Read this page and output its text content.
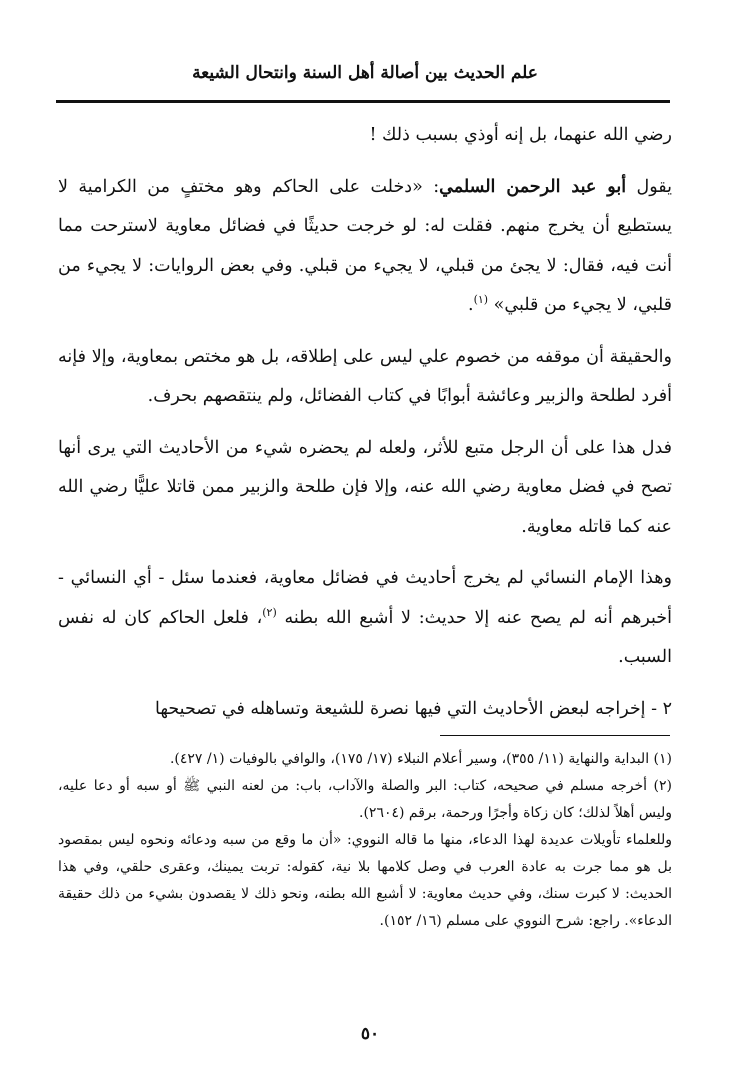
علم الحديث بين أصالة أهل السنة وانتحال الشيعة

رضي الله عنهما، بل إنه أوذي بسبب ذلك !

يقول أبو عبد الرحمن السلمي: «دخلت على الحاكم وهو مختفٍ من الكرامية لا يستطيع أن يخرج منهم. فقلت له: لو خرجت حديثًا في فضائل معاوية لاسترحت مما أنت فيه، فقال: لا يجئ من قبلي، لا يجيء من قبلي. وفي بعض الروايات: لا يجيء من قلبي، لا يجيء من قلبي» $^{(١)}$.

والحقيقة أن موقفه من خصوم علي ليس على إطلاقه، بل هو مختص بمعاوية، وإلا فإنه أفرد لطلحة والزبير وعائشة أبوابًا في كتاب الفضائل، ولم ينتقصهم بحرف.

فدل هذا على أن الرجل متبع للأثر، ولعله لم يحضره شيء من الأحاديث التي يرى أنها تصح في فضل معاوية رضي الله عنه، وإلا فإن طلحة والزبير ممن قاتلا عليًّا رضي الله عنه كما قاتله معاوية.

وهذا الإمام النسائي لم يخرج أحاديث في فضائل معاوية، فعندما سئل - أي النسائي - أخبرهم أنه لم يصح عنه إلا حديث: لا أشبع الله بطنه $^{(٢)}$، فلعل الحاكم كان له نفس السبب.

٢ - إخراجه لبعض الأحاديث التي فيها نصرة للشيعة وتساهله في تصحيحها

(١) البداية والنهاية (١١/ ٣٥٥)، وسير أعلام النبلاء (١٧/ ١٧٥)، والوافي بالوفيات (١/ ٤٢٧).

(٢) أخرجه مسلم في صحيحه، كتاب: البر والصلة والآداب، باب: من لعنه النبي ﷺ أو سبه أو دعا عليه، وليس أهلاً لذلك؛ كان زكاة وأجرًا ورحمة، برقم (٢٦٠٤).

وللعلماء تأويلات عديدة لهذا الدعاء، منها ما قاله النووي: «أن ما وقع من سبه ودعائه ونحوه ليس بمقصود بل هو مما جرت به عادة العرب في وصل كلامها بلا نية، كقوله: تربت يمينك، وعقرى حلقي، وفي هذا الحديث: لا كبرت سنك، وفي حديث معاوية: لا أشبع الله بطنه، ونحو ذلك لا يقصدون بشيء من ذلك حقيقة الدعاء». راجع: شرح النووي على مسلم (١٦/ ١٥٢).

٥٠
